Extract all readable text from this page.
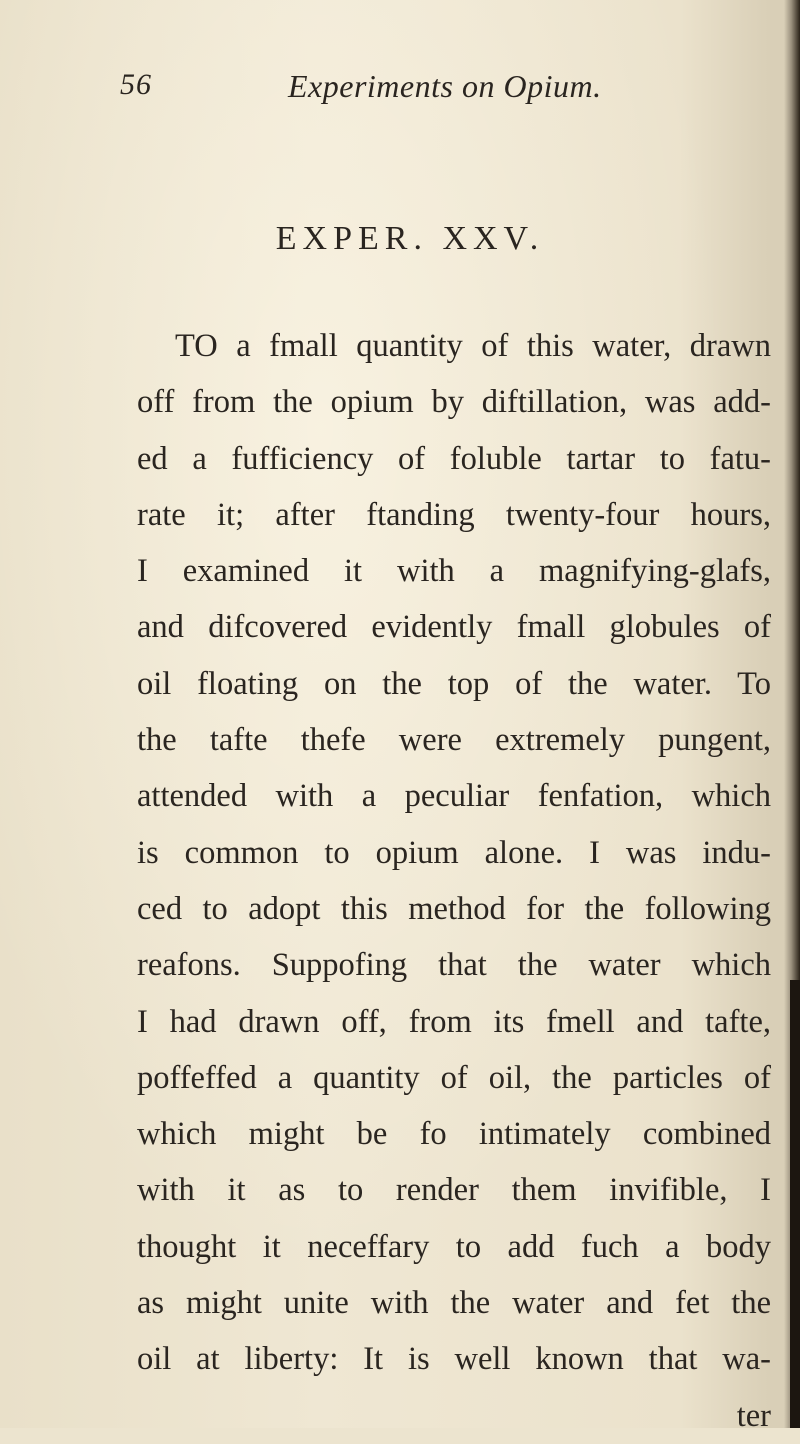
56	Experiments on Opium.
EXPER. XXV.
TO a fmall quantity of this water, drawn
off from the opium by diftillation, was add-
ed a fufficiency of foluble tartar to fatu-
rate it; after ftanding twenty-four hours,
I examined it with a magnifying-glafs,
and difcovered evidently fmall globules of
oil floating on the top of the water. To
the tafte thefe were extremely pungent,
attended with a peculiar fenfation, which
is common to opium alone. I was indu-
ced to adopt this method for the following
reafons. Suppofing that the water which
I had drawn off, from its fmell and tafte,
poffeffed a quantity of oil, the particles of
which might be fo intimately combined
with it as to render them invifible, I
thought it neceffary to add fuch a body
as might unite with the water and fet the
oil at liberty: It is well known that wa-
ter
